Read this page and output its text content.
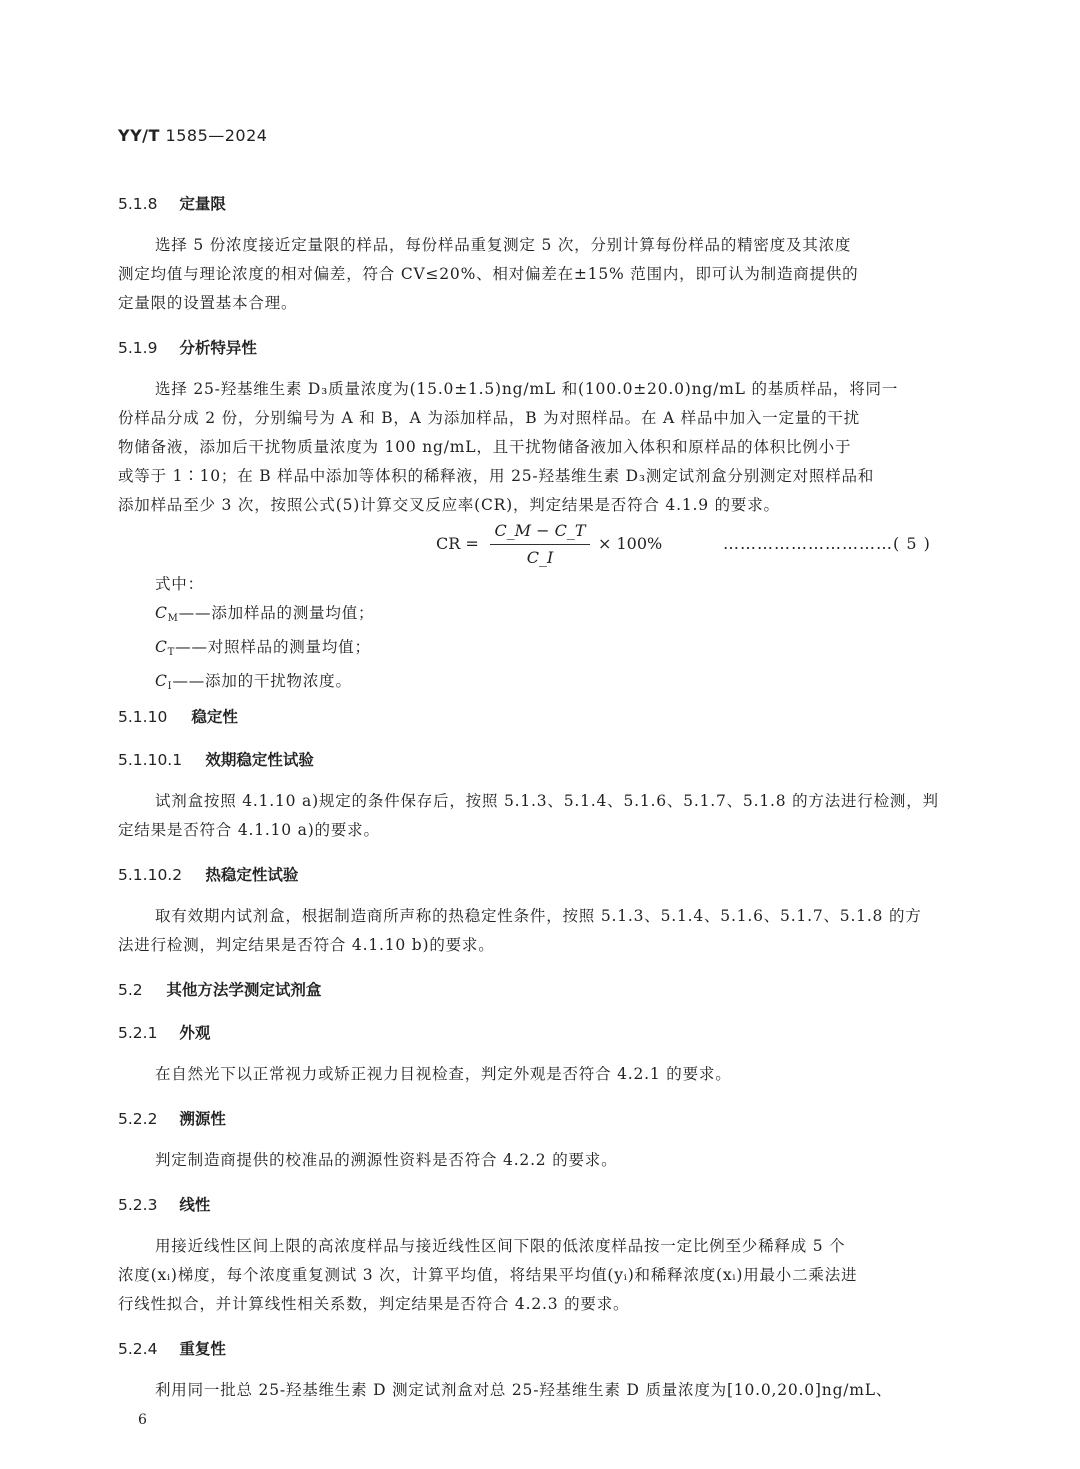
YY/T 1585—2024
5.1.8 定量限
选择 5 份浓度接近定量限的样品，每份样品重复测定 5 次，分别计算每份样品的精密度及其浓度
测定均值与理论浓度的相对偏差，符合 CV≤20%、相对偏差在±15% 范围内，即可认为制造商提供的
定量限的设置基本合理。
5.1.9 分析特异性
选择 25-羟基维生素 D₃质量浓度为(15.0±1.5)ng/mL 和(100.0±20.0)ng/mL 的基质样品，将同一
份样品分成 2 份，分别编号为 A 和 B，A 为添加样品，B 为对照样品。在 A 样品中加入一定量的干扰
物储备液，添加后干扰物质量浓度为 100 ng/mL，且干扰物储备液加入体积和原样品的体积比例小于
或等于 1∶10；在 B 样品中添加等体积的稀释液，用 25-羟基维生素 D₃测定试剂盒分别测定对照样品和
添加样品至少 3 次，按照公式(5)计算交叉反应率(CR)，判定结果是否符合 4.1.9 的要求。
CR =
C_M − C_T
C_I
× 100%	…………………………( 5 )
式中：
$C_M——$添加样品的测量均值；
$C_T——$对照样品的测量均值；
$C_I——$添加的干扰物浓度。
5.1.10 稳定性
5.1.10.1 效期稳定性试验
试剂盒按照 4.1.10 a)规定的条件保存后，按照 5.1.3、5.1.4、5.1.6、5.1.7、5.1.8 的方法进行检测，判
定结果是否符合 4.1.10 a)的要求。
5.1.10.2 热稳定性试验
取有效期内试剂盒，根据制造商所声称的热稳定性条件，按照 5.1.3、5.1.4、5.1.6、5.1.7、5.1.8 的方
法进行检测，判定结果是否符合 4.1.10 b)的要求。
5.2 其他方法学测定试剂盒
5.2.1 外观
在自然光下以正常视力或矫正视力目视检查，判定外观是否符合 4.2.1 的要求。
5.2.2 溯源性
判定制造商提供的校准品的溯源性资料是否符合 4.2.2 的要求。
5.2.3 线性
用接近线性区间上限的高浓度样品与接近线性区间下限的低浓度样品按一定比例至少稀释成 5 个
浓度(xᵢ)梯度，每个浓度重复测试 3 次，计算平均值，将结果平均值(yᵢ)和稀释浓度(xᵢ)用最小二乘法进
行线性拟合，并计算线性相关系数，判定结果是否符合 4.2.3 的要求。
5.2.4 重复性
利用同一批总 25-羟基维生素 D 测定试剂盒对总 25-羟基维生素 D 质量浓度为[10.0,20.0]ng/mL、
6
